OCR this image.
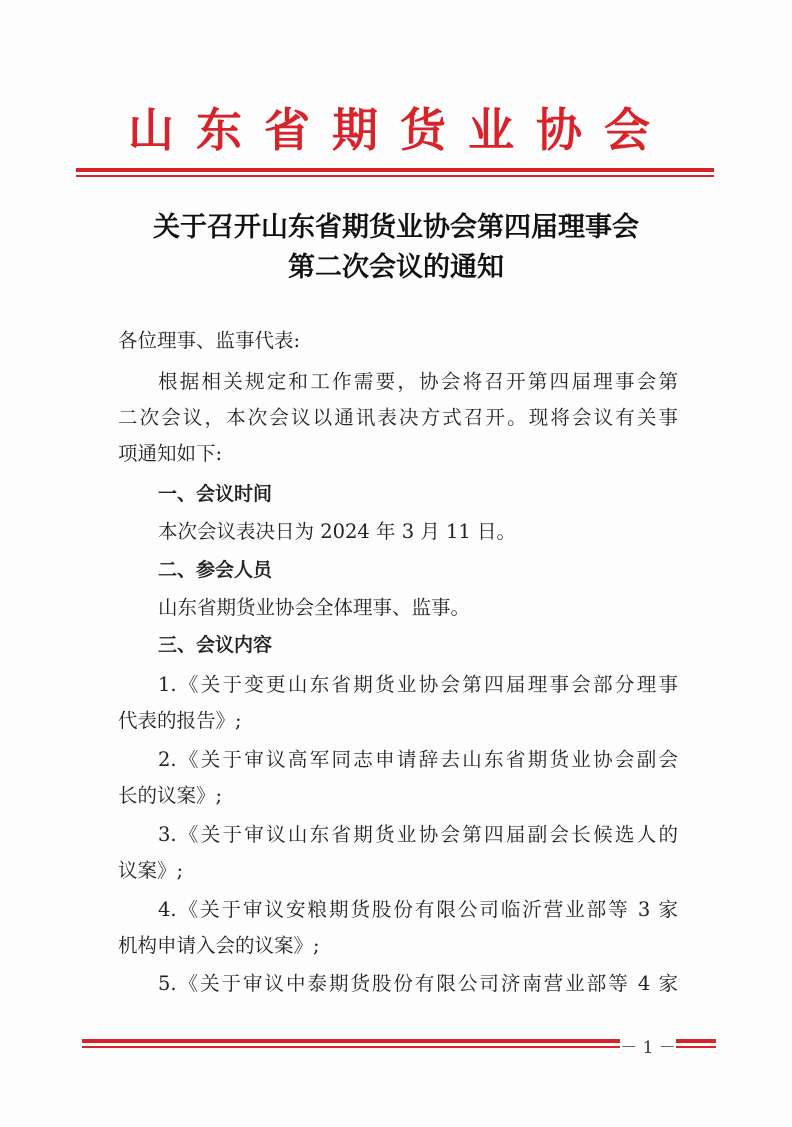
山东省期货业协会
关于召开山东省期货业协会第四届理事会
第二次会议的通知
各位理事、监事代表:
根据相关规定和工作需要，协会将召开第四届理事会第
二次会议，本次会议以通讯表决方式召开。现将会议有关事
项通知如下:
一、会议时间
本次会议表决日为 2024 年 3 月 11 日。
二、参会人员
山东省期货业协会全体理事、监事。
三、会议内容
1.《关于变更山东省期货业协会第四届理事会部分理事
代表的报告》;
2.《关于审议高军同志申请辞去山东省期货业协会副会
长的议案》;
3.《关于审议山东省期货业协会第四届副会长候选人的
议案》;
4.《关于审议安粮期货股份有限公司临沂营业部等 3 家
机构申请入会的议案》;
5.《关于审议中泰期货股份有限公司济南营业部等 4 家
－ 1 －
